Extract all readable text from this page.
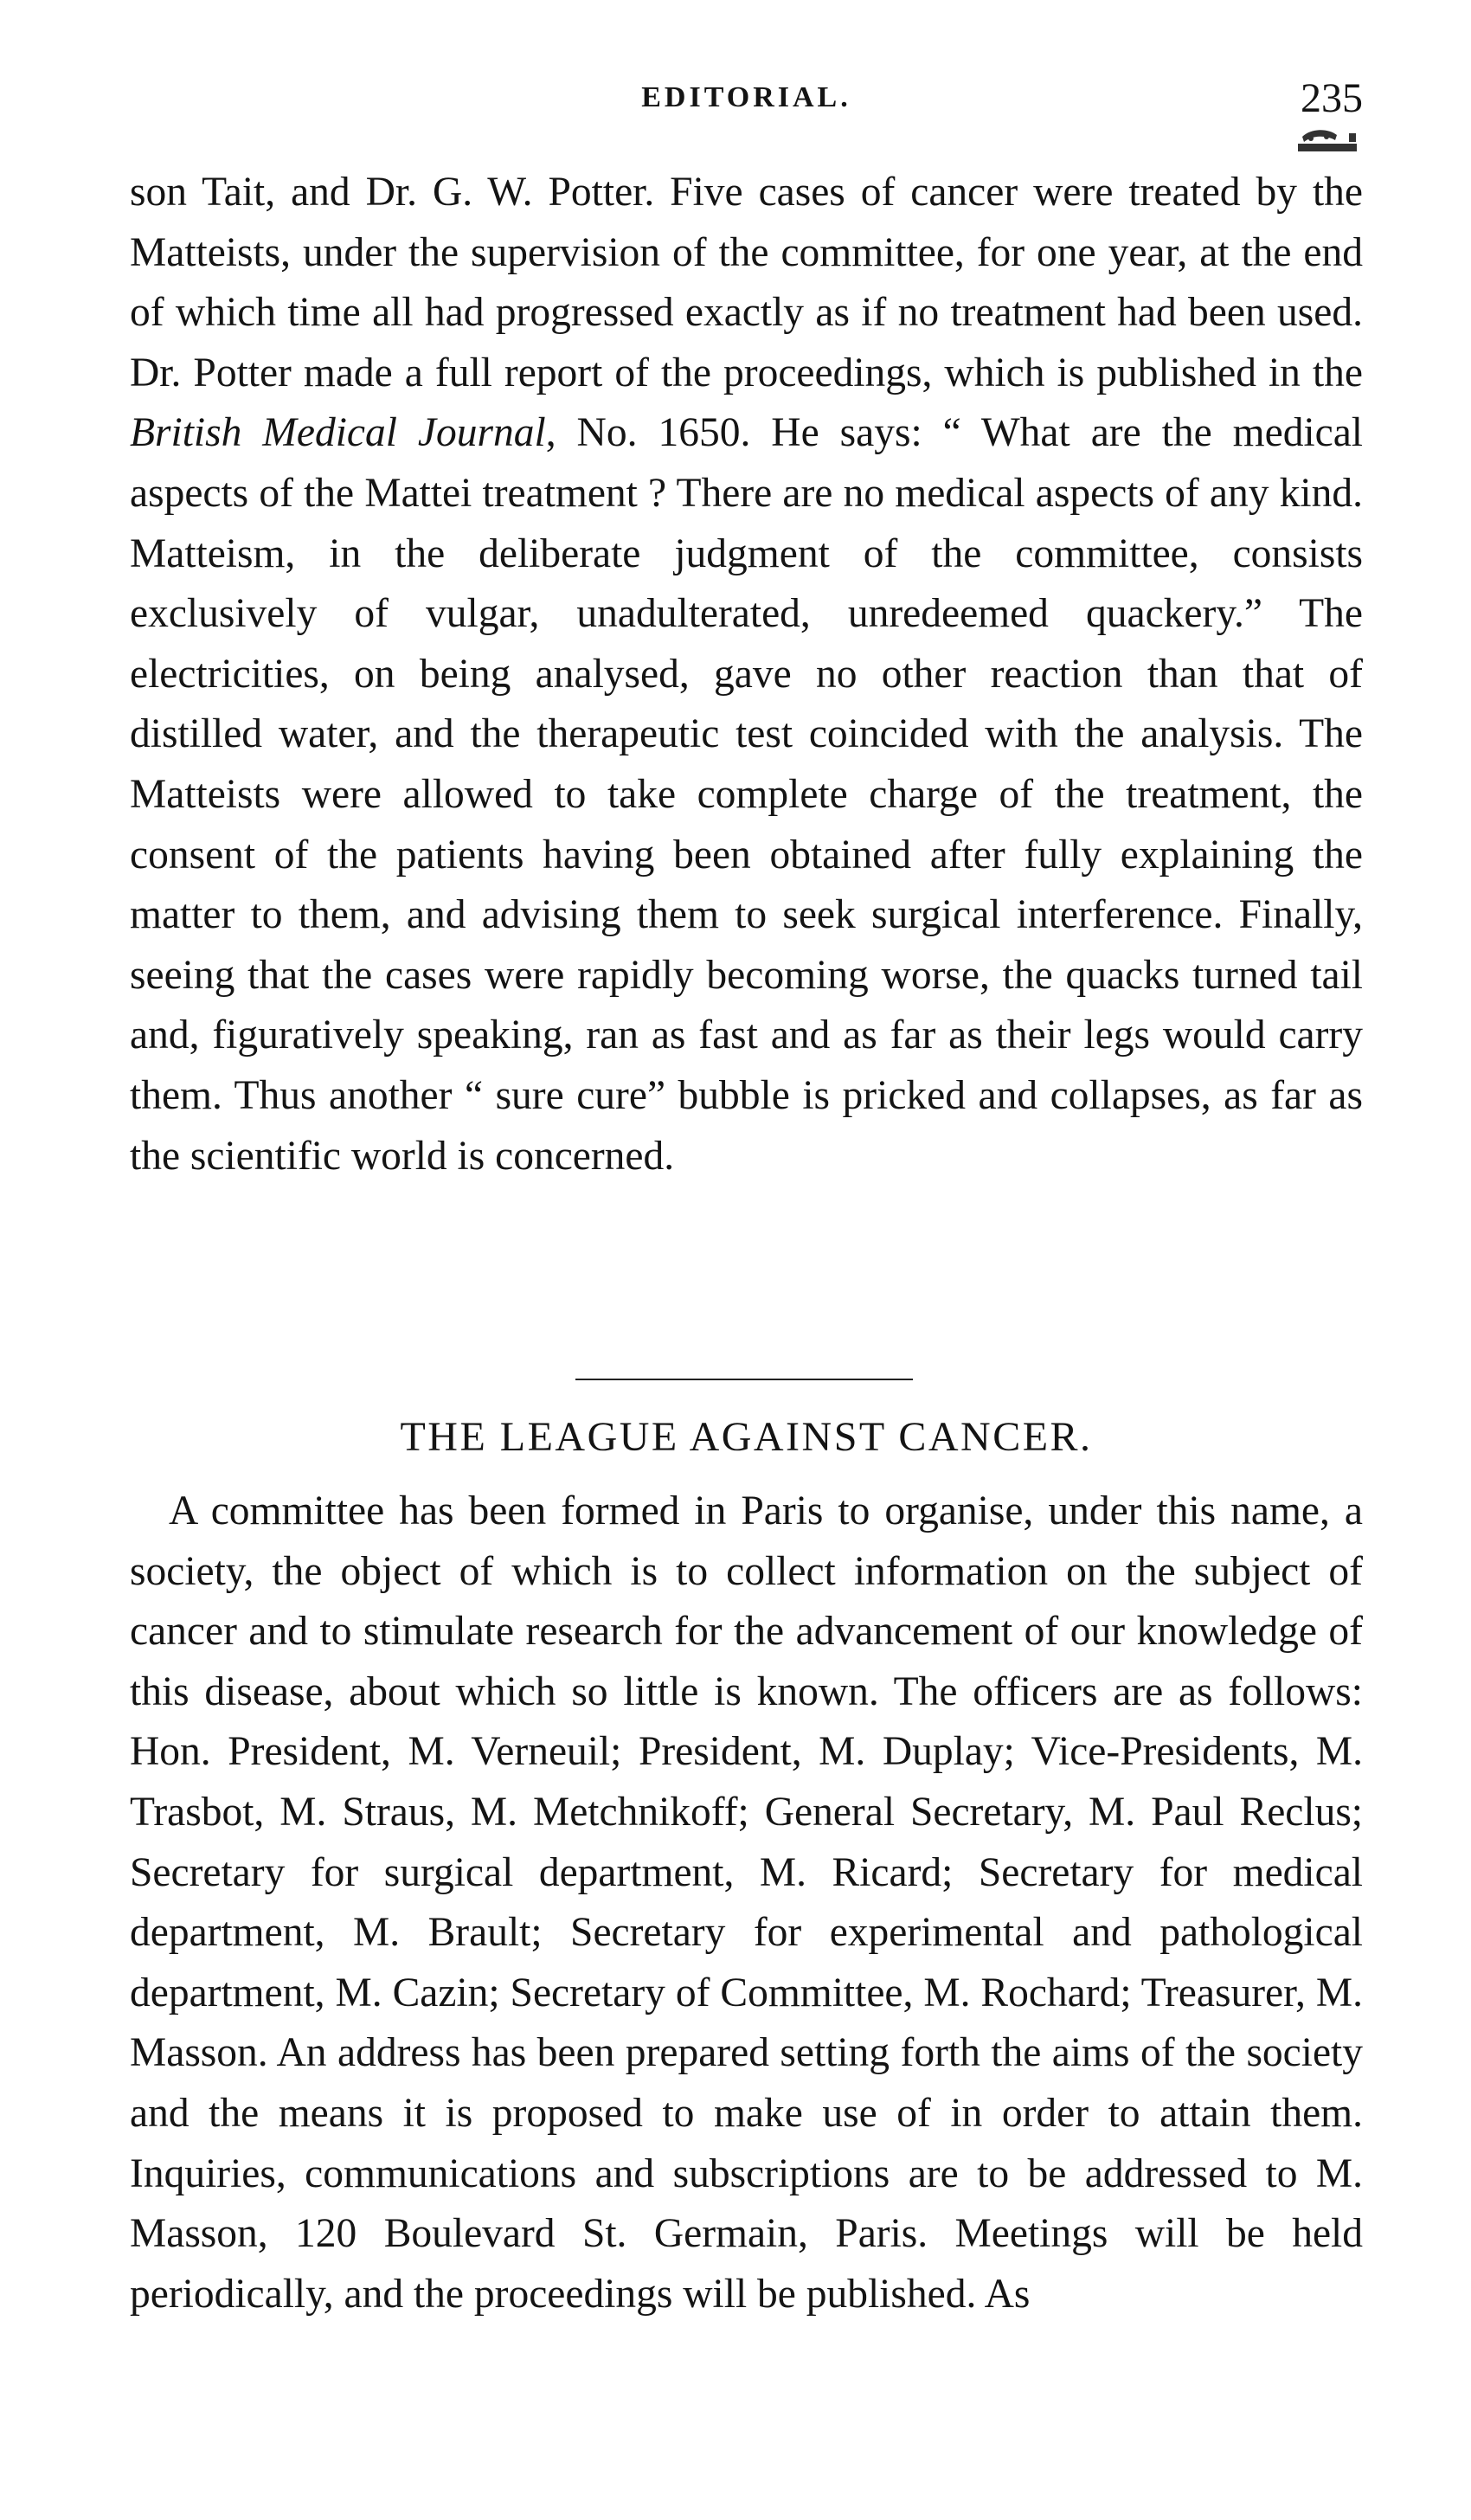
EDITORIAL.	235

son Tait, and Dr. G. W. Potter. Five cases of cancer were treated by the Matteists, under the supervision of the committee, for one year, at the end of which time all had progressed exactly as if no treatment had been used. Dr. Potter made a full report of the proceedings, which is published in the British Medical Journal, No. 1650. He says: “ What are the medical aspects of the Mattei treatment ? There are no medical aspects of any kind. Matteism, in the deliberate judgment of the committee, consists exclusively of vulgar, unadulterated, unredeemed quackery.” The electricities, on being analysed, gave no other reaction than that of distilled water, and the therapeutic test coincided with the analysis. The Matteists were allowed to take complete charge of the treatment, the consent of the patients having been obtained after fully explaining the matter to them, and advising them to seek surgical interference. Finally, seeing that the cases were rapidly becoming worse, the quacks turned tail and, figuratively speaking, ran as fast and as far as their legs would carry them. Thus another “ sure cure” bubble is pricked and collapses, as far as the scientific world is concerned.

THE LEAGUE AGAINST CANCER.

A committee has been formed in Paris to organise, under this name, a society, the object of which is to collect information on the subject of cancer and to stimulate research for the advancement of our knowledge of this disease, about which so little is known. The officers are as follows: Hon. President, M. Verneuil; President, M. Duplay; Vice-Presidents, M. Trasbot, M. Straus, M. Metchnikoff; General Secretary, M. Paul Reclus; Secretary for surgical department, M. Ricard; Secretary for medical department, M. Brault; Secretary for experimental and pathological department, M. Cazin; Secretary of Committee, M. Rochard; Treasurer, M. Masson. An address has been prepared setting forth the aims of the society and the means it is proposed to make use of in order to attain them. Inquiries, communications and subscriptions are to be addressed to M. Masson, 120 Boulevard St. Germain, Paris. Meetings will be held periodically, and the proceedings will be published. As
